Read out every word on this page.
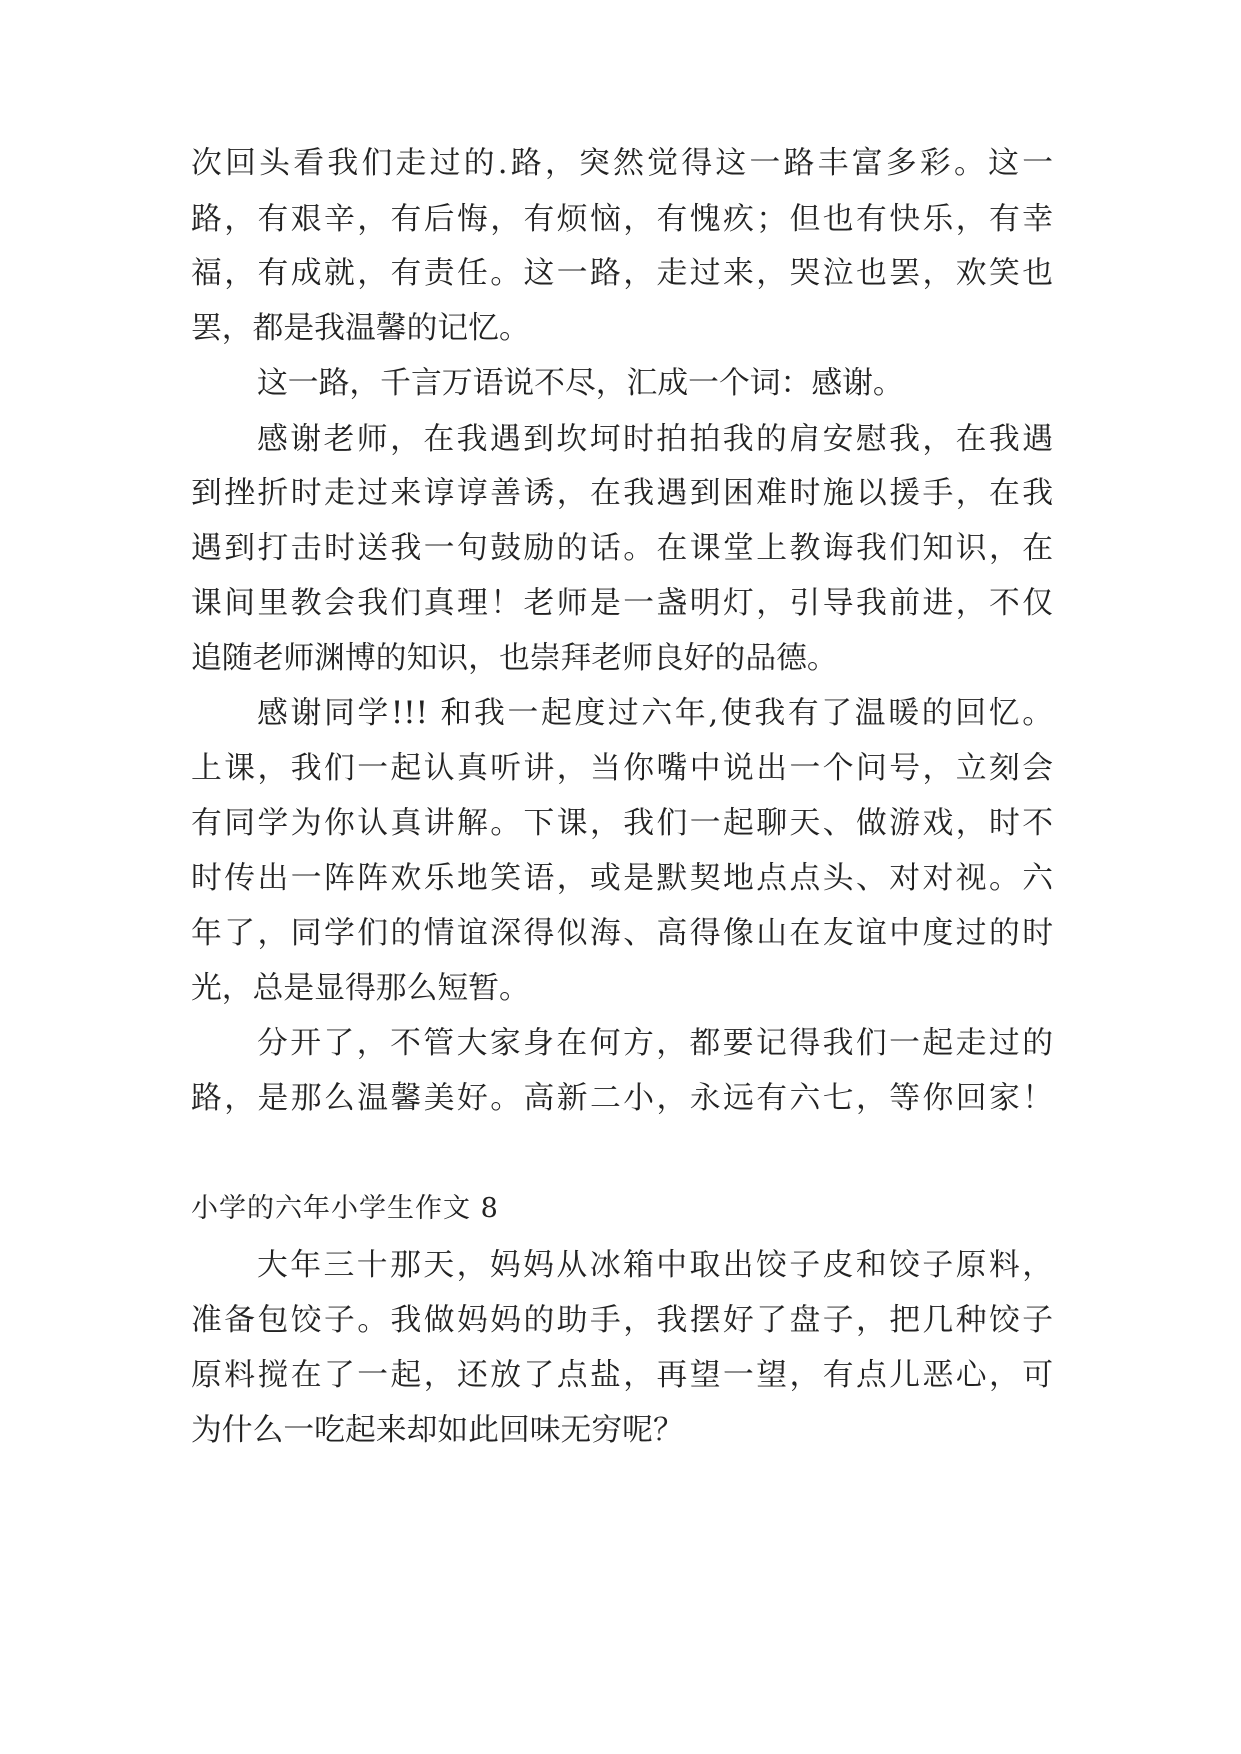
次回头看我们走过的.路，突然觉得这一路丰富多彩。这一
路，有艰辛，有后悔，有烦恼，有愧疚；但也有快乐，有幸
福，有成就，有责任。这一路，走过来，哭泣也罢，欢笑也
罢，都是我温馨的记忆。
这一路，千言万语说不尽，汇成一个词：感谢。
感谢老师，在我遇到坎坷时拍拍我的肩安慰我，在我遇
到挫折时走过来谆谆善诱，在我遇到困难时施以援手，在我
遇到打击时送我一句鼓励的话。在课堂上教诲我们知识，在
课间里教会我们真理！老师是一盏明灯，引导我前进，不仅
追随老师渊博的知识，也崇拜老师良好的品德。
感谢同学!!! 和我一起度过六年,使我有了温暖的回忆。
上课，我们一起认真听讲，当你嘴中说出一个问号，立刻会
有同学为你认真讲解。下课，我们一起聊天、做游戏，时不
时传出一阵阵欢乐地笑语，或是默契地点点头、对对视。六
年了，同学们的情谊深得似海、高得像山在友谊中度过的时
光，总是显得那么短暂。
分开了，不管大家身在何方，都要记得我们一起走过的
路，是那么温馨美好。高新二小，永远有六七，等你回家！
小学的六年小学生作文 8
大年三十那天，妈妈从冰箱中取出饺子皮和饺子原料，
准备包饺子。我做妈妈的助手，我摆好了盘子，把几种饺子
原料搅在了一起，还放了点盐，再望一望，有点儿恶心，可
为什么一吃起来却如此回味无穷呢？
